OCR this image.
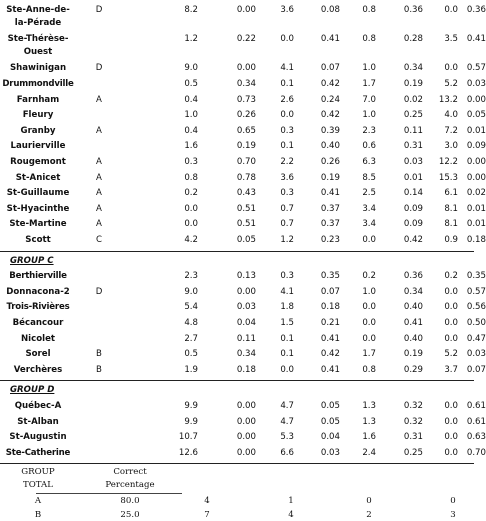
Ste-Anne-de-
la-Pérade
D	8.2	0.00	3.6	0.08	0.8	0.36	0.0	0.36
Ste-Thérèse-
Ouest
1.2	0.22	0.0	0.41	0.8	0.28	3.5	0.41
Shawinigan	D	9.0	0.00	4.1	0.07	1.0	0.34	0.0	0.57
Drummondville	0.5	0.34	0.1	0.42	1.7	0.19	5.2	0.03
Farnham	A	0.4	0.73	2.6	0.24	7.0	0.02	13.2	0.00
Fleury	1.0	0.26	0.0	0.42	1.0	0.25	4.0	0.05
Granby	A	0.4	0.65	0.3	0.39	2.3	0.11	7.2	0.01
Laurierville	1.6	0.19	0.1	0.40	0.6	0.31	3.0	0.09
Rougemont	A	0.3	0.70	2.2	0.26	6.3	0.03	12.2	0.00
St-Anicet	A	0.8	0.78	3.6	0.19	8.5	0.01	15.3	0.00
St-Guillaume	A	0.2	0.43	0.3	0.41	2.5	0.14	6.1	0.02
St-Hyacinthe	A	0.0	0.51	0.7	0.37	3.4	0.09	8.1	0.01
Ste-Martine	A	0.0	0.51	0.7	0.37	3.4	0.09	8.1	0.01
Scott	C	4.2	0.05	1.2	0.23	0.0	0.42	0.9	0.18
GROUP C
Berthierville	2.3	0.13	0.3	0.35	0.2	0.36	0.2	0.35
Donnacona-2	D	9.0	0.00	4.1	0.07	1.0	0.34	0.0	0.57
Trois-Rivières	5.4	0.03	1.8	0.18	0.0	0.40	0.0	0.56
Bécancour	4.8	0.04	1.5	0.21	0.0	0.41	0.0	0.50
Nicolet	2.7	0.11	0.1	0.41	0.0	0.40	0.0	0.47
Sorel	B	0.5	0.34	0.1	0.42	1.7	0.19	5.2	0.03
Verchères	B	1.9	0.18	0.0	0.41	0.8	0.29	3.7	0.07
GROUP D
Québec-A	9.9	0.00	4.7	0.05	1.3	0.32	0.0	0.61
St-Alban	9.9	0.00	4.7	0.05	1.3	0.32	0.0	0.61
St-Augustin	10.7	0.00	5.3	0.04	1.6	0.31	0.0	0.63
Ste-Catherine	12.6	0.00	6.6	0.03	2.4	0.25	0.0	0.70
GROUP	Correct
TOTAL	Percentage
A	80.0	4	1	0	0
B	25.0	7	4	2	3
